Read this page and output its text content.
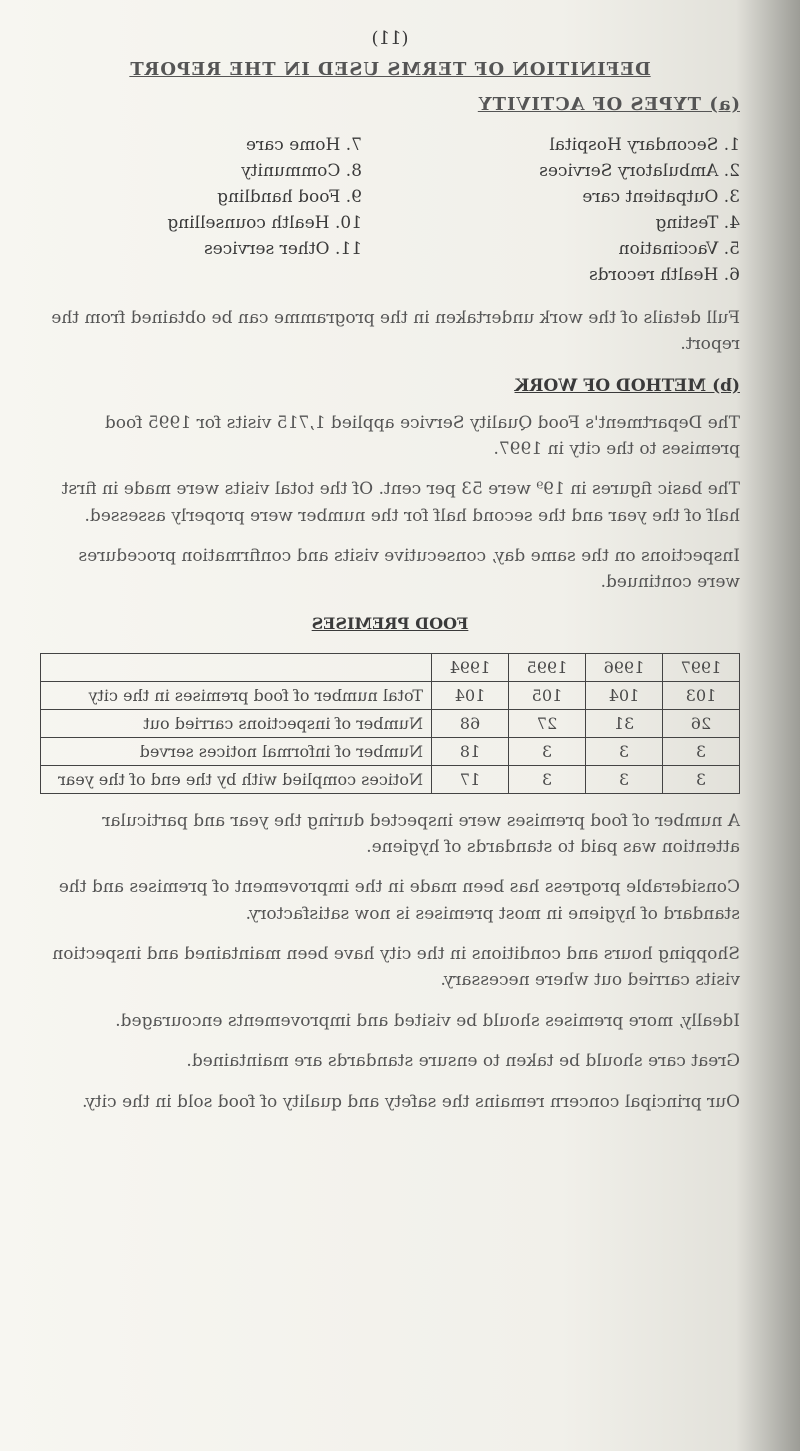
(11)
DEFINITION OF TERMS USED IN THE REPORT
(a) TYPES OF ACTIVITY
1. Secondary Hospital
2. Ambulatory Services
3. Outpatient care
4. Testing
5. Vaccination
6. Health records
7. Home care
8. Community
9. Food handling
10. Health counselling
11. Other services

Full details of the work undertaken in the programme can be obtained from the report.

(b) METHOD OF WORK

The Department's Food Quality Service applied 1,715 visits for 1995 food premises to the city in 1997.

The basic figures in 19⁹ were 53 per cent. Of the total visits were made in first half of the year and the second half for the number were properly assessed.

Inspections on the same day, consecutive visits and confirmation procedures were continued.

FOOD PREMISES
1997	1996	1995	1994	
103	104	105	104	Total number of food premises in the city
26	31	27	68	Number of inspections carried out
3	3	3	18	Number of informal notices served
3	3	3	17	Notices complied with by the end of the year

A number of food premises were inspected during the year and particular attention was paid to standards of hygiene.

Considerable progress has been made in the improvement of premises and the standard of hygiene in most premises is now satisfactory.

Shopping hours and conditions in the city have been maintained and inspection visits carried out where necessary.

Ideally, more premises should be visited and improvements encouraged.

Great care should be taken to ensure standards are maintained.

Our principal concern remains the safety and quality of food sold in the city.
